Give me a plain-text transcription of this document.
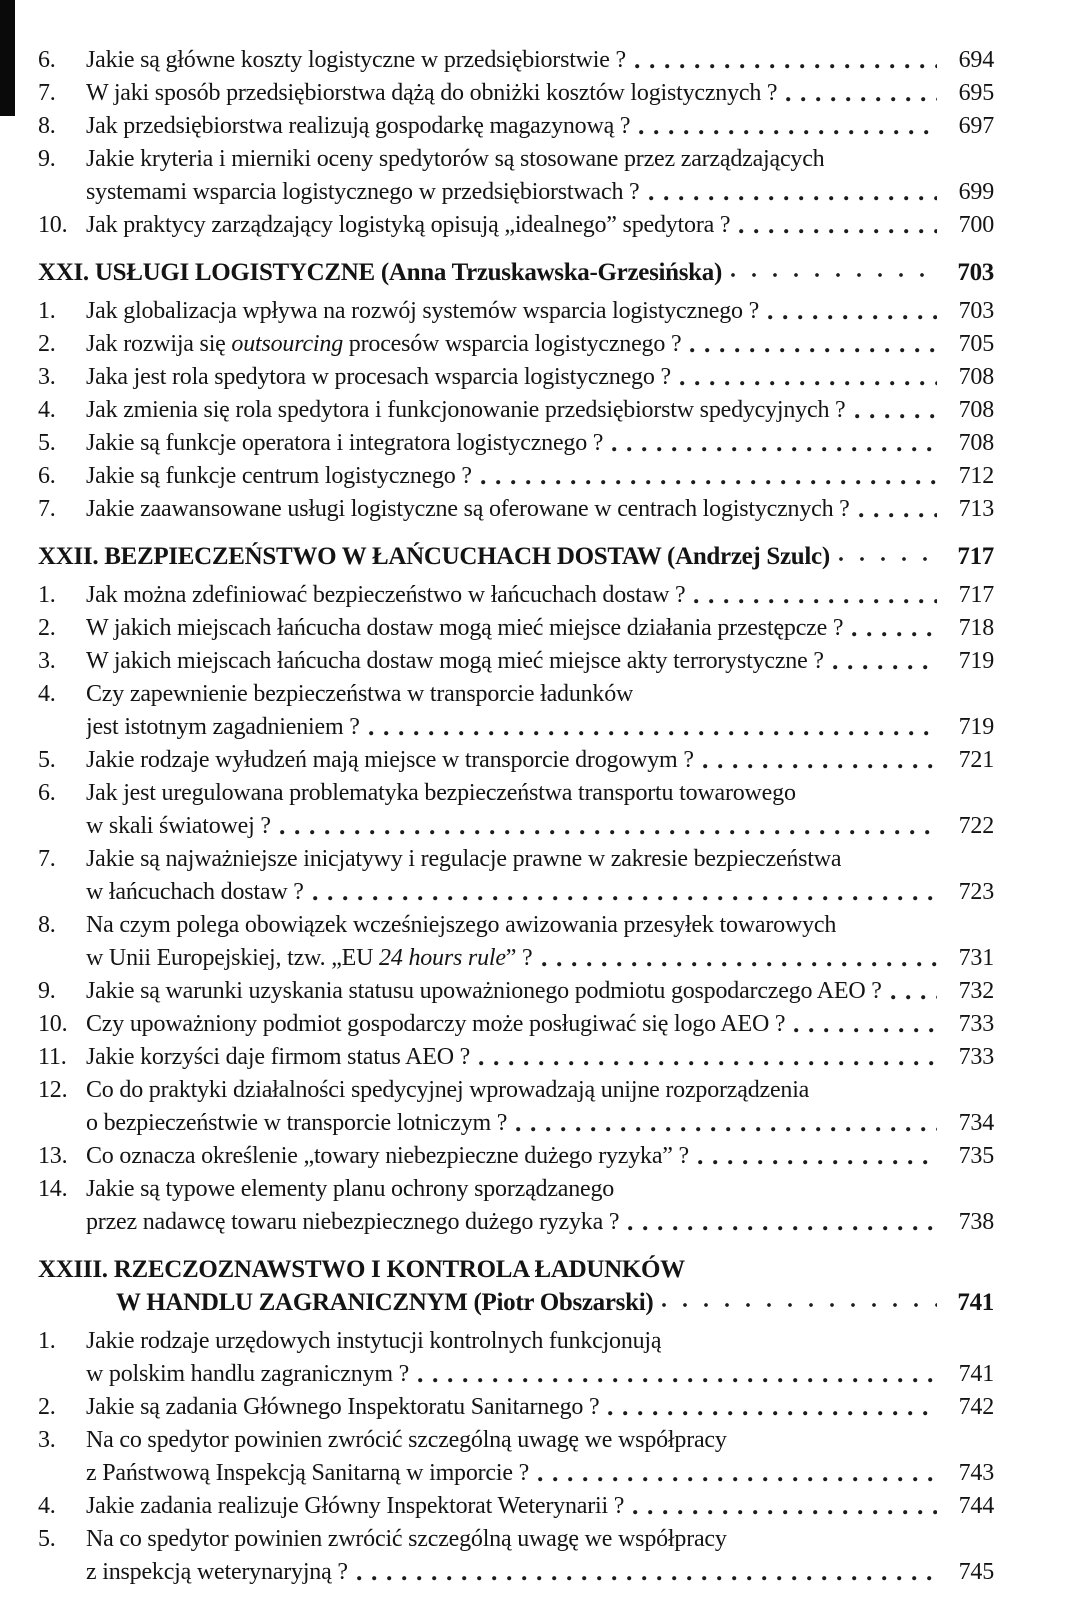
6.	Jakie są główne koszty logistyczne w przedsiębiorstwie ?	694
7.	W jaki sposób przedsiębiorstwa dążą do obniżki kosztów logistycznych ?	695
8.	Jak przedsiębiorstwa realizują gospodarkę magazynową ?	697
9.	Jakie kryteria i mierniki oceny spedytorów są stosowane przez zarządzających
systemami wsparcia logistycznego w przedsiębiorstwach ?	699
10. Jak praktycy zarządzający logistyką opisują „idealnego” spedytora ?	700
XXI. USŁUGI LOGISTYCZNE (Anna Trzuskawska-Grzesińska)	703
1.	Jak globalizacja wpływa na rozwój systemów wsparcia logistycznego ?	703
2.	Jak rozwija się outsourcing procesów wsparcia logistycznego ?	705
3.	Jaka jest rola spedytora w procesach wsparcia logistycznego ?	708
4.	Jak zmienia się rola spedytora i funkcjonowanie przedsiębiorstw spedycyjnych ?	708
5.	Jakie są funkcje operatora i integratora logistycznego ?	708
6.	Jakie są funkcje centrum logistycznego ?	712
7.	Jakie zaawansowane usługi logistyczne są oferowane w centrach logistycznych ?	713
XXII. BEZPIECZEŃSTWO W ŁAŃCUCHACH DOSTAW (Andrzej Szulc)	717
1.	Jak można zdefiniować bezpieczeństwo w łańcuchach dostaw ?	717
2.	W jakich miejscach łańcucha dostaw mogą mieć miejsce działania przestępcze ?	718
3.	W jakich miejscach łańcucha dostaw mogą mieć miejsce akty terrorystyczne ?	719
4.	Czy zapewnienie bezpieczeństwa w transporcie ładunków
jest istotnym zagadnieniem ?	719
5.	Jakie rodzaje wyłudzeń mają miejsce w transporcie drogowym ?	721
6.	Jak jest uregulowana problematyka bezpieczeństwa transportu towarowego
w skali światowej ?	722
7.	Jakie są najważniejsze inicjatywy i regulacje prawne w zakresie bezpieczeństwa
w łańcuchach dostaw ?	723
8.	Na czym polega obowiązek wcześniejszego awizowania przesyłek towarowych
w Unii Europejskiej, tzw. „EU 24 hours rule” ?	731
9.	Jakie są warunki uzyskania statusu upoważnionego podmiotu gospodarczego AEO ?	732
10. Czy upoważniony podmiot gospodarczy może posługiwać się logo AEO ?	733
11. Jakie korzyści daje firmom status AEO ?	733
12. Co do praktyki działalności spedycyjnej wprowadzają unijne rozporządzenia
o bezpieczeństwie w transporcie lotniczym ?	734
13. Co oznacza określenie „towary niebezpieczne dużego ryzyka” ?	735
14. Jakie są typowe elementy planu ochrony sporządzanego
przez nadawcę towaru niebezpiecznego dużego ryzyka ?	738
XXIII. RZECZOZNAWSTWO I KONTROLA ŁADUNKÓW
W HANDLU ZAGRANICZNYM (Piotr Obszarski)	741
1.	Jakie rodzaje urzędowych instytucji kontrolnych funkcjonują
w polskim handlu zagranicznym ?	741
2.	Jakie są zadania Głównego Inspektoratu Sanitarnego ?	742
3.	Na co spedytor powinien zwrócić szczególną uwagę we współpracy
z Państwową Inspekcją Sanitarną w imporcie ?	743
4.	Jakie zadania realizuje Główny Inspektorat Weterynarii ?	744
5.	Na co spedytor powinien zwrócić szczególną uwagę we współpracy
z inspekcją weterynaryjną ?	745
